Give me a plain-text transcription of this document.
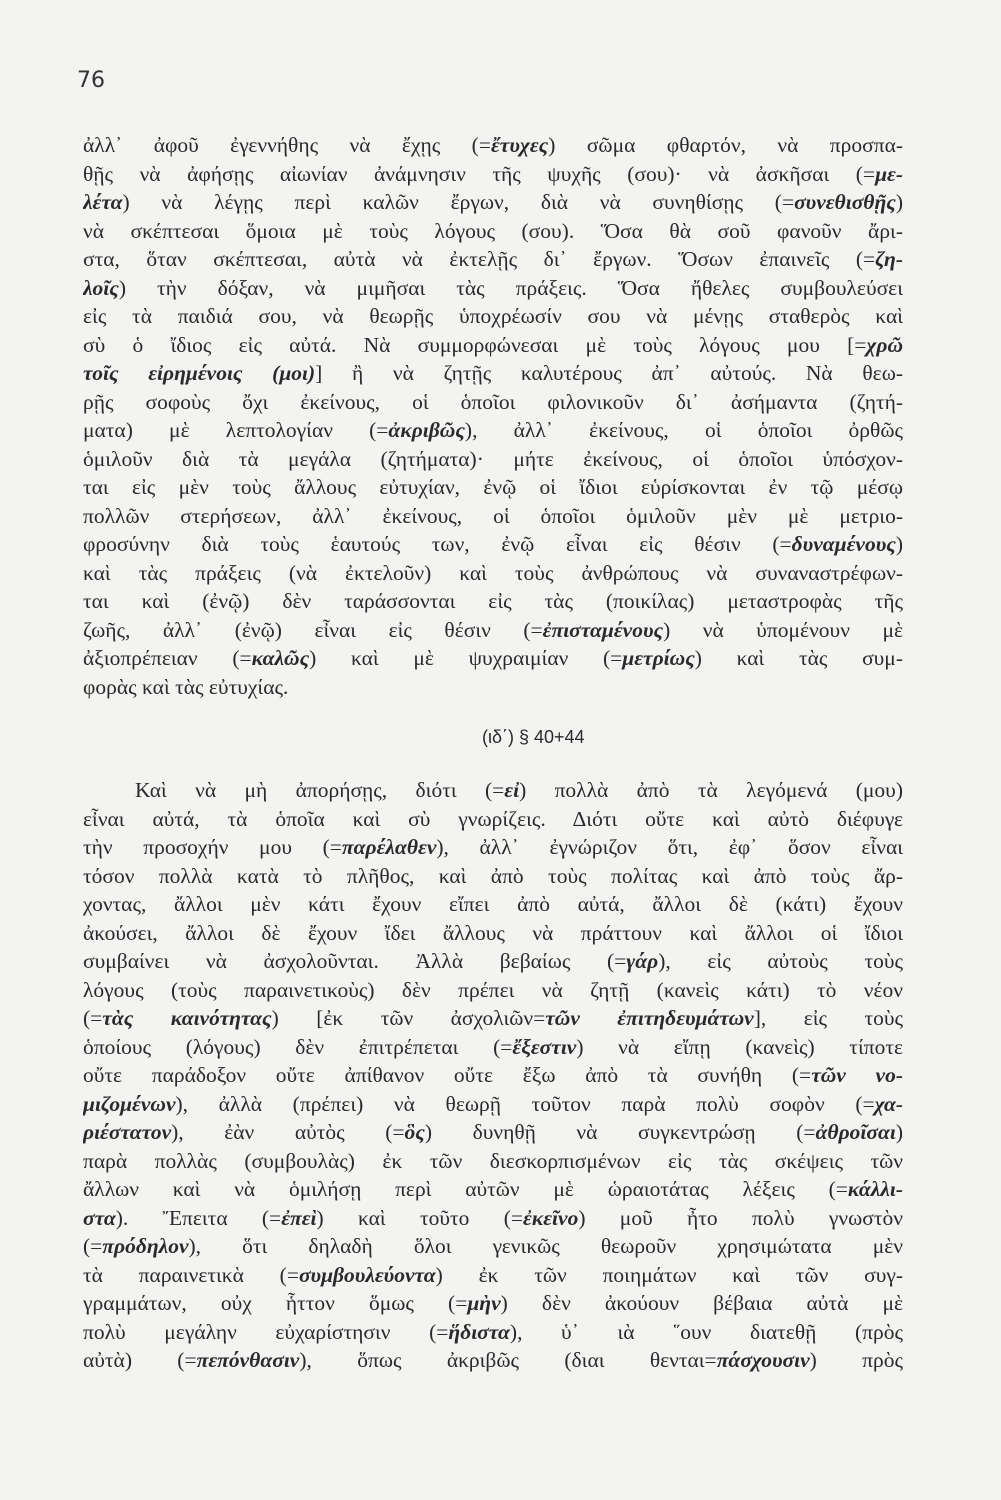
76
ἀλλ᾽ ἀφοῦ ἐγεννήθης νὰ ἔχῃς (=ἔτυχες) σῶμα φθαρτόν, νὰ προσπα-
θῇς νὰ ἀφήσῃς αἰωνίαν ἀνάμνησιν τῆς ψυχῆς (σου)· νὰ ἀσκῆσαι (=με-
λέτα) νὰ λέγῃς περὶ καλῶν ἔργων, διὰ νὰ συνηθίσῃς (=συνεθισθῇς)
νὰ σκέπτεσαι ὅμοια μὲ τοὺς λόγους (σου). Ὅσα θὰ σοῦ φανοῦν ἄρι-
στα, ὅταν σκέπτεσαι, αὐτὰ νὰ ἐκτελῇς δι᾽ ἔργων. Ὅσων ἐπαινεῖς (=ζη-
λοῖς) τὴν δόξαν, νὰ μιμῆσαι τὰς πράξεις. Ὅσα ἤθελες συμβουλεύσει
εἰς τὰ παιδιά σου, νὰ θεωρῇς ὑποχρέωσίν σου νὰ μένῃς σταθερὸς καὶ
σὺ ὁ ἴδιος εἰς αὐτά. Νὰ συμμορφώνεσαι μὲ τοὺς λόγους μου [=χρῶ
τοῖς εἰρημένοις (μοι)] ἢ νὰ ζητῇς καλυτέρους ἀπ᾽ αὐτούς. Νὰ θεω-
ρῇς σοφοὺς ὄχι ἐκείνους, οἱ ὁποῖοι φιλονικοῦν δι᾽ ἀσήμαντα (ζητή-
ματα) μὲ λεπτολογίαν (=ἀκριβῶς), ἀλλ᾽ ἐκείνους, οἱ ὁποῖοι ὀρθῶς
ὁμιλοῦν διὰ τὰ μεγάλα (ζητήματα)· μήτε ἐκείνους, οἱ ὁποῖοι ὑπόσχον-
ται εἰς μὲν τοὺς ἄλλους εὐτυχίαν, ἐνῷ οἱ ἴδιοι εὑρίσκονται ἐν τῷ μέσῳ
πολλῶν στερήσεων, ἀλλ᾽ ἐκείνους, οἱ ὁποῖοι ὁμιλοῦν μὲν μὲ μετριο-
φροσύνην διὰ τοὺς ἑαυτούς των, ἐνῷ εἶναι εἰς θέσιν (=δυναμένους)
καὶ τὰς πράξεις (νὰ ἐκτελοῦν) καὶ τοὺς ἀνθρώπους νὰ συναναστρέφων-
ται καὶ (ἐνῷ) δὲν ταράσσονται εἰς τὰς (ποικίλας) μεταστροφὰς τῆς
ζωῆς, ἀλλ᾽ (ἐνῷ) εἶναι εἰς θέσιν (=ἐπισταμένους) νὰ ὑπομένουν μὲ
ἀξιοπρέπειαν (=καλῶς) καὶ μὲ ψυχραιμίαν (=μετρίως) καὶ τὰς συμ-
φορὰς καὶ τὰς εὐτυχίας.
(ιδ΄) § 40+44
Καὶ νὰ μὴ ἀπορήσῃς, διότι (=εἰ) πολλὰ ἀπὸ τὰ λεγόμενά (μου)
εἶναι αὐτά, τὰ ὁποῖα καὶ σὺ γνωρίζεις. Διότι οὔτε καὶ αὐτὸ διέφυγε
τὴν προσοχήν μου (=παρέλαθεν), ἀλλ᾽ ἐγνώριζον ὅτι, ἐφ᾽ ὅσον εἶναι
τόσον πολλὰ κατὰ τὸ πλῆθος, καὶ ἀπὸ τοὺς πολίτας καὶ ἀπὸ τοὺς ἄρ-
χοντας, ἄλλοι μὲν κάτι ἔχουν εἴπει ἀπὸ αὐτά, ἄλλοι δὲ (κάτι) ἔχουν
ἀκούσει, ἄλλοι δὲ ἔχουν ἴδει ἄλλους νὰ πράττουν καὶ ἄλλοι οἱ ἴδιοι
συμβαίνει νὰ ἀσχολοῦνται. Ἀλλὰ βεβαίως (=γάρ), εἰς αὐτοὺς τοὺς
λόγους (τοὺς παραινετικοὺς) δὲν πρέπει νὰ ζητῇ (κανεὶς κάτι) τὸ νέον
(=τὰς καινότητας) [ἐκ τῶν ἀσχολιῶν=τῶν ἐπιτηδευμάτων], εἰς τοὺς
ὁποίους (λόγους) δὲν ἐπιτρέπεται (=ἔξεστιν) νὰ εἴπῃ (κανεὶς) τίποτε
οὔτε παράδοξον οὔτε ἀπίθανον οὔτε ἔξω ἀπὸ τὰ συνήθη (=τῶν νο-
μιζομένων), ἀλλὰ (πρέπει) νὰ θεωρῇ τοῦτον παρὰ πολὺ σοφὸν (=χα-
ριέστατον), ἐὰν αὐτὸς (=ὃς) δυνηθῇ νὰ συγκεντρώσῃ (=ἀθροῖσαι)
παρὰ πολλὰς (συμβουλὰς) ἐκ τῶν διεσκορπισμένων εἰς τὰς σκέψεις τῶν
ἄλλων καὶ νὰ ὁμιλήσῃ περὶ αὐτῶν μὲ ὡραιοτάτας λέξεις (=κάλλι-
στα). Ἔπειτα (=ἐπεὶ) καὶ τοῦτο (=ἐκεῖνο) μοῦ ἦτο πολὺ γνωστὸν
(=πρόδηλον), ὅτι δηλαδὴ ὅλοι γενικῶς θεωροῦν χρησιμώτατα μὲν
τὰ παραινετικὰ (=συμβουλεύοντα) ἐκ τῶν ποιημάτων καὶ τῶν συγ-
γραμμάτων, οὐχ ἧττον ὅμως (=μὴν) δὲν ἀκούουν βέβαια αὐτὰ μὲ
πολὺ μεγάλην εὐχαρίστησιν (=ἥδιστα), ὑ᾽ ιὰ ῞ουν διατεθῇ (πρὸς
αὐτὰ) (=πεπόνθασιν), ὅπως ἀκριβῶς (διαι θενται=πάσχουσιν) πρὸς
